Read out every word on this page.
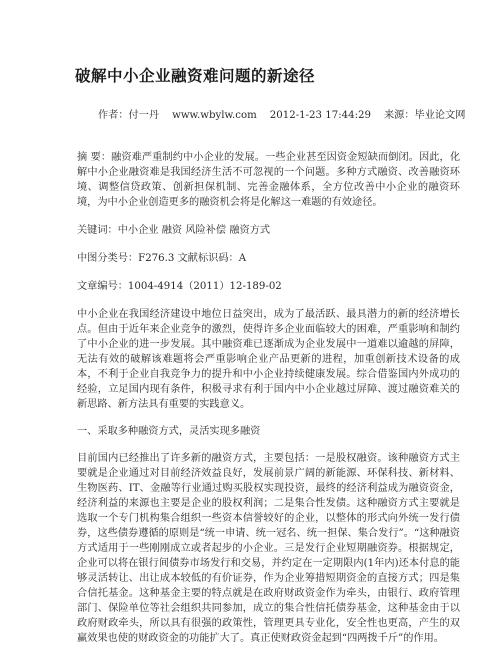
破解中小企业融资难问题的新途径
作者：付一丹 www.wbylw.com 2012-1-23 17:44:29 来源：毕业论文网

摘 要：融资难严重制约中小企业的发展。一些企业甚至因资金短缺而倒闭。因此，化解中小企业融资难是我国经济生活不可忽视的一个问题。多种方式融资、改善融资环境、调整信贷政策、创新担保机制、完善金融体系，全方位改善中小企业的融资环境，为中小企业创造更多的融资机会将是化解这一难题的有效途径。

关键词：中小企业 融资 风险补偿 融资方式

中图分类号：F276.3 文献标识码：A

文章编号：1004-4914（2011）12-189-02

中小企业在我国经济建设中地位日益突出，成为了最活跃、最具潜力的新的经济增长点。但由于近年来企业竞争的激烈，使得许多企业面临较大的困难，严重影响和制约了中小企业的进一步发展。其中融资难已逐渐成为企业发展中一道难以逾越的屏障，无法有效的破解该难题将会严重影响企业产品更新的进程，加重创新技术设备的成本，不利于企业自我竞争力的提升和中小企业持续健康发展。综合借鉴国内外成功的经验，立足国内现有条件，积极寻求有利于国内中小企业越过屏障、渡过融资难关的新思路、新方法具有重要的实践意义。

一、采取多种融资方式，灵活实现多融资

目前国内已经推出了许多新的融资方式，主要包括：一是股权融资。该种融资方式主要就是企业通过对目前经济效益良好，发展前景广阔的新能源、环保科技、新材料、生物医药、IT、金融等行业通过购买股权实现投资，最终的经济利益成为融资资金，经济利益的来源也主要是企业的股权利润；二是集合性发债。这种融资方式主要就是选取一个专门机构集合组织一些资本信誉较好的企业，以整体的形式向外统一发行债券，这些债券遵循的原则是“统一申请、统一冠名、统一担保、集合发行”。“这种融资方式适用于一些刚刚成立或者起步的小企业。三是发行企业短期融资券。根据规定，企业可以将在银行间债券市场发行和交易，并约定在一定期限内(1年内)还本付息的能够灵活转让、出让成本较低的有价证券，作为企业筹措短期资金的直接方式；四是集合信托基金。这种基金主要的特点就是在政府财政资金作为牵头，由银行、政府管理部门、保险单位等社会组织共同参加，成立的集合性信托债券基金，这种基金由于以政府财政牵头，所以具有很强的政策性，管理更具专业化，安全性也更高，产生的双赢效果也使的财政资金的功能扩大了。真正使财政资金起到“四两拨千斤”的作用。
